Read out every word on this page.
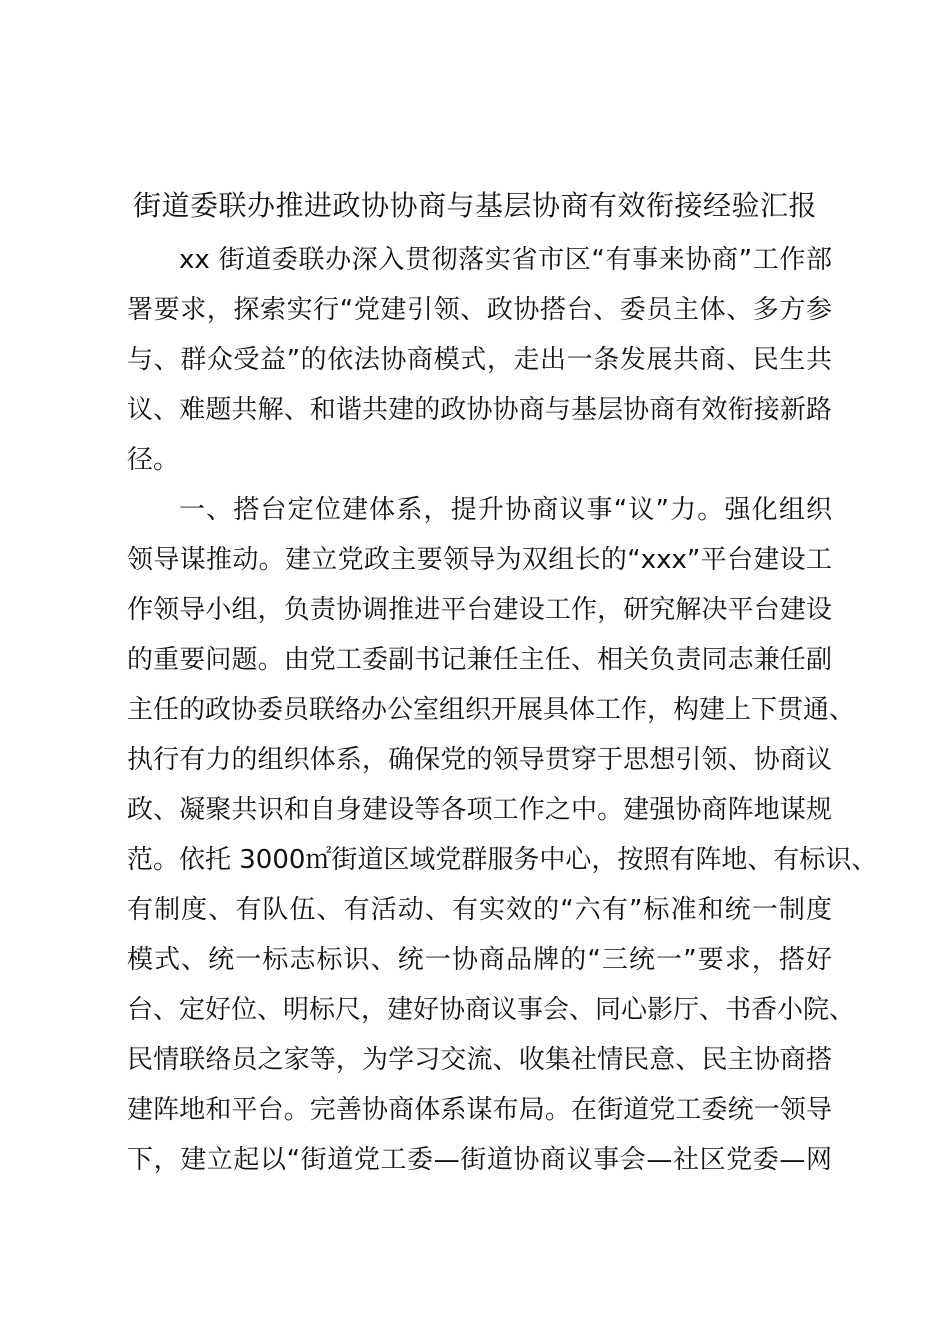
街道委联办推进政协协商与基层协商有效衔接经验汇报
xx 街道委联办深入贯彻落实省市区“有事来协商”工作部
署要求，探索实行“党建引领、政协搭台、委员主体、多方参
与、群众受益”的依法协商模式，走出一条发展共商、民生共
议、难题共解、和谐共建的政协协商与基层协商有效衔接新路
径。
一、搭台定位建体系，提升协商议事“议”力。强化组织
领导谋推动。建立党政主要领导为双组长的“xxx”平台建设工
作领导小组，负责协调推进平台建设工作，研究解决平台建设
的重要问题。由党工委副书记兼任主任、相关负责同志兼任副
主任的政协委员联络办公室组织开展具体工作，构建上下贯通、
执行有力的组织体系，确保党的领导贯穿于思想引领、协商议
政、凝聚共识和自身建设等各项工作之中。建强协商阵地谋规
范。依托 3000㎡街道区域党群服务中心，按照有阵地、有标识、
有制度、有队伍、有活动、有实效的“六有”标准和统一制度
模式、统一标志标识、统一协商品牌的“三统一”要求，搭好
台、定好位、明标尺，建好协商议事会、同心影厅、书香小院、
民情联络员之家等，为学习交流、收集社情民意、民主协商搭
建阵地和平台。完善协商体系谋布局。在街道党工委统一领导
下，建立起以“街道党工委—街道协商议事会—社区党委—网
